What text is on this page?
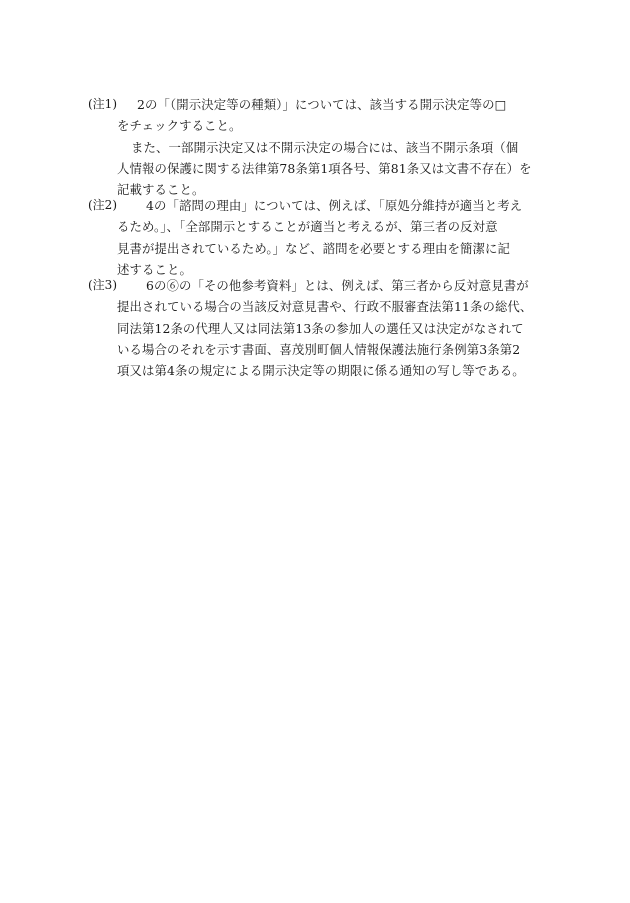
(注1)	2の「（開示決定等の種類）」については、該当する開示決定等の□
をチェックすること。
また、一部開示決定又は不開示決定の場合には、該当不開示条項（個
人情報の保護に関する法律第78条第1項各号、第81条又は文書不存在）を
記載すること。
(注2)	4の「諮問の理由」については、例えば、「原処分維持が適当と考え
るため。」、「全部開示とすることが適当と考えるが、第三者の反対意
見書が提出されているため。」など、諮問を必要とする理由を簡潔に記
述すること。
(注3)	6の⑥の「その他参考資料」とは、例えば、第三者から反対意見書が
提出されている場合の当該反対意見書や、行政不服審査法第11条の総代、
同法第12条の代理人又は同法第13条の参加人の選任又は決定がなされて
いる場合のそれを示す書面、喜茂別町個人情報保護法施行条例第3条第2
項又は第4条の規定による開示決定等の期限に係る通知の写し等である。
